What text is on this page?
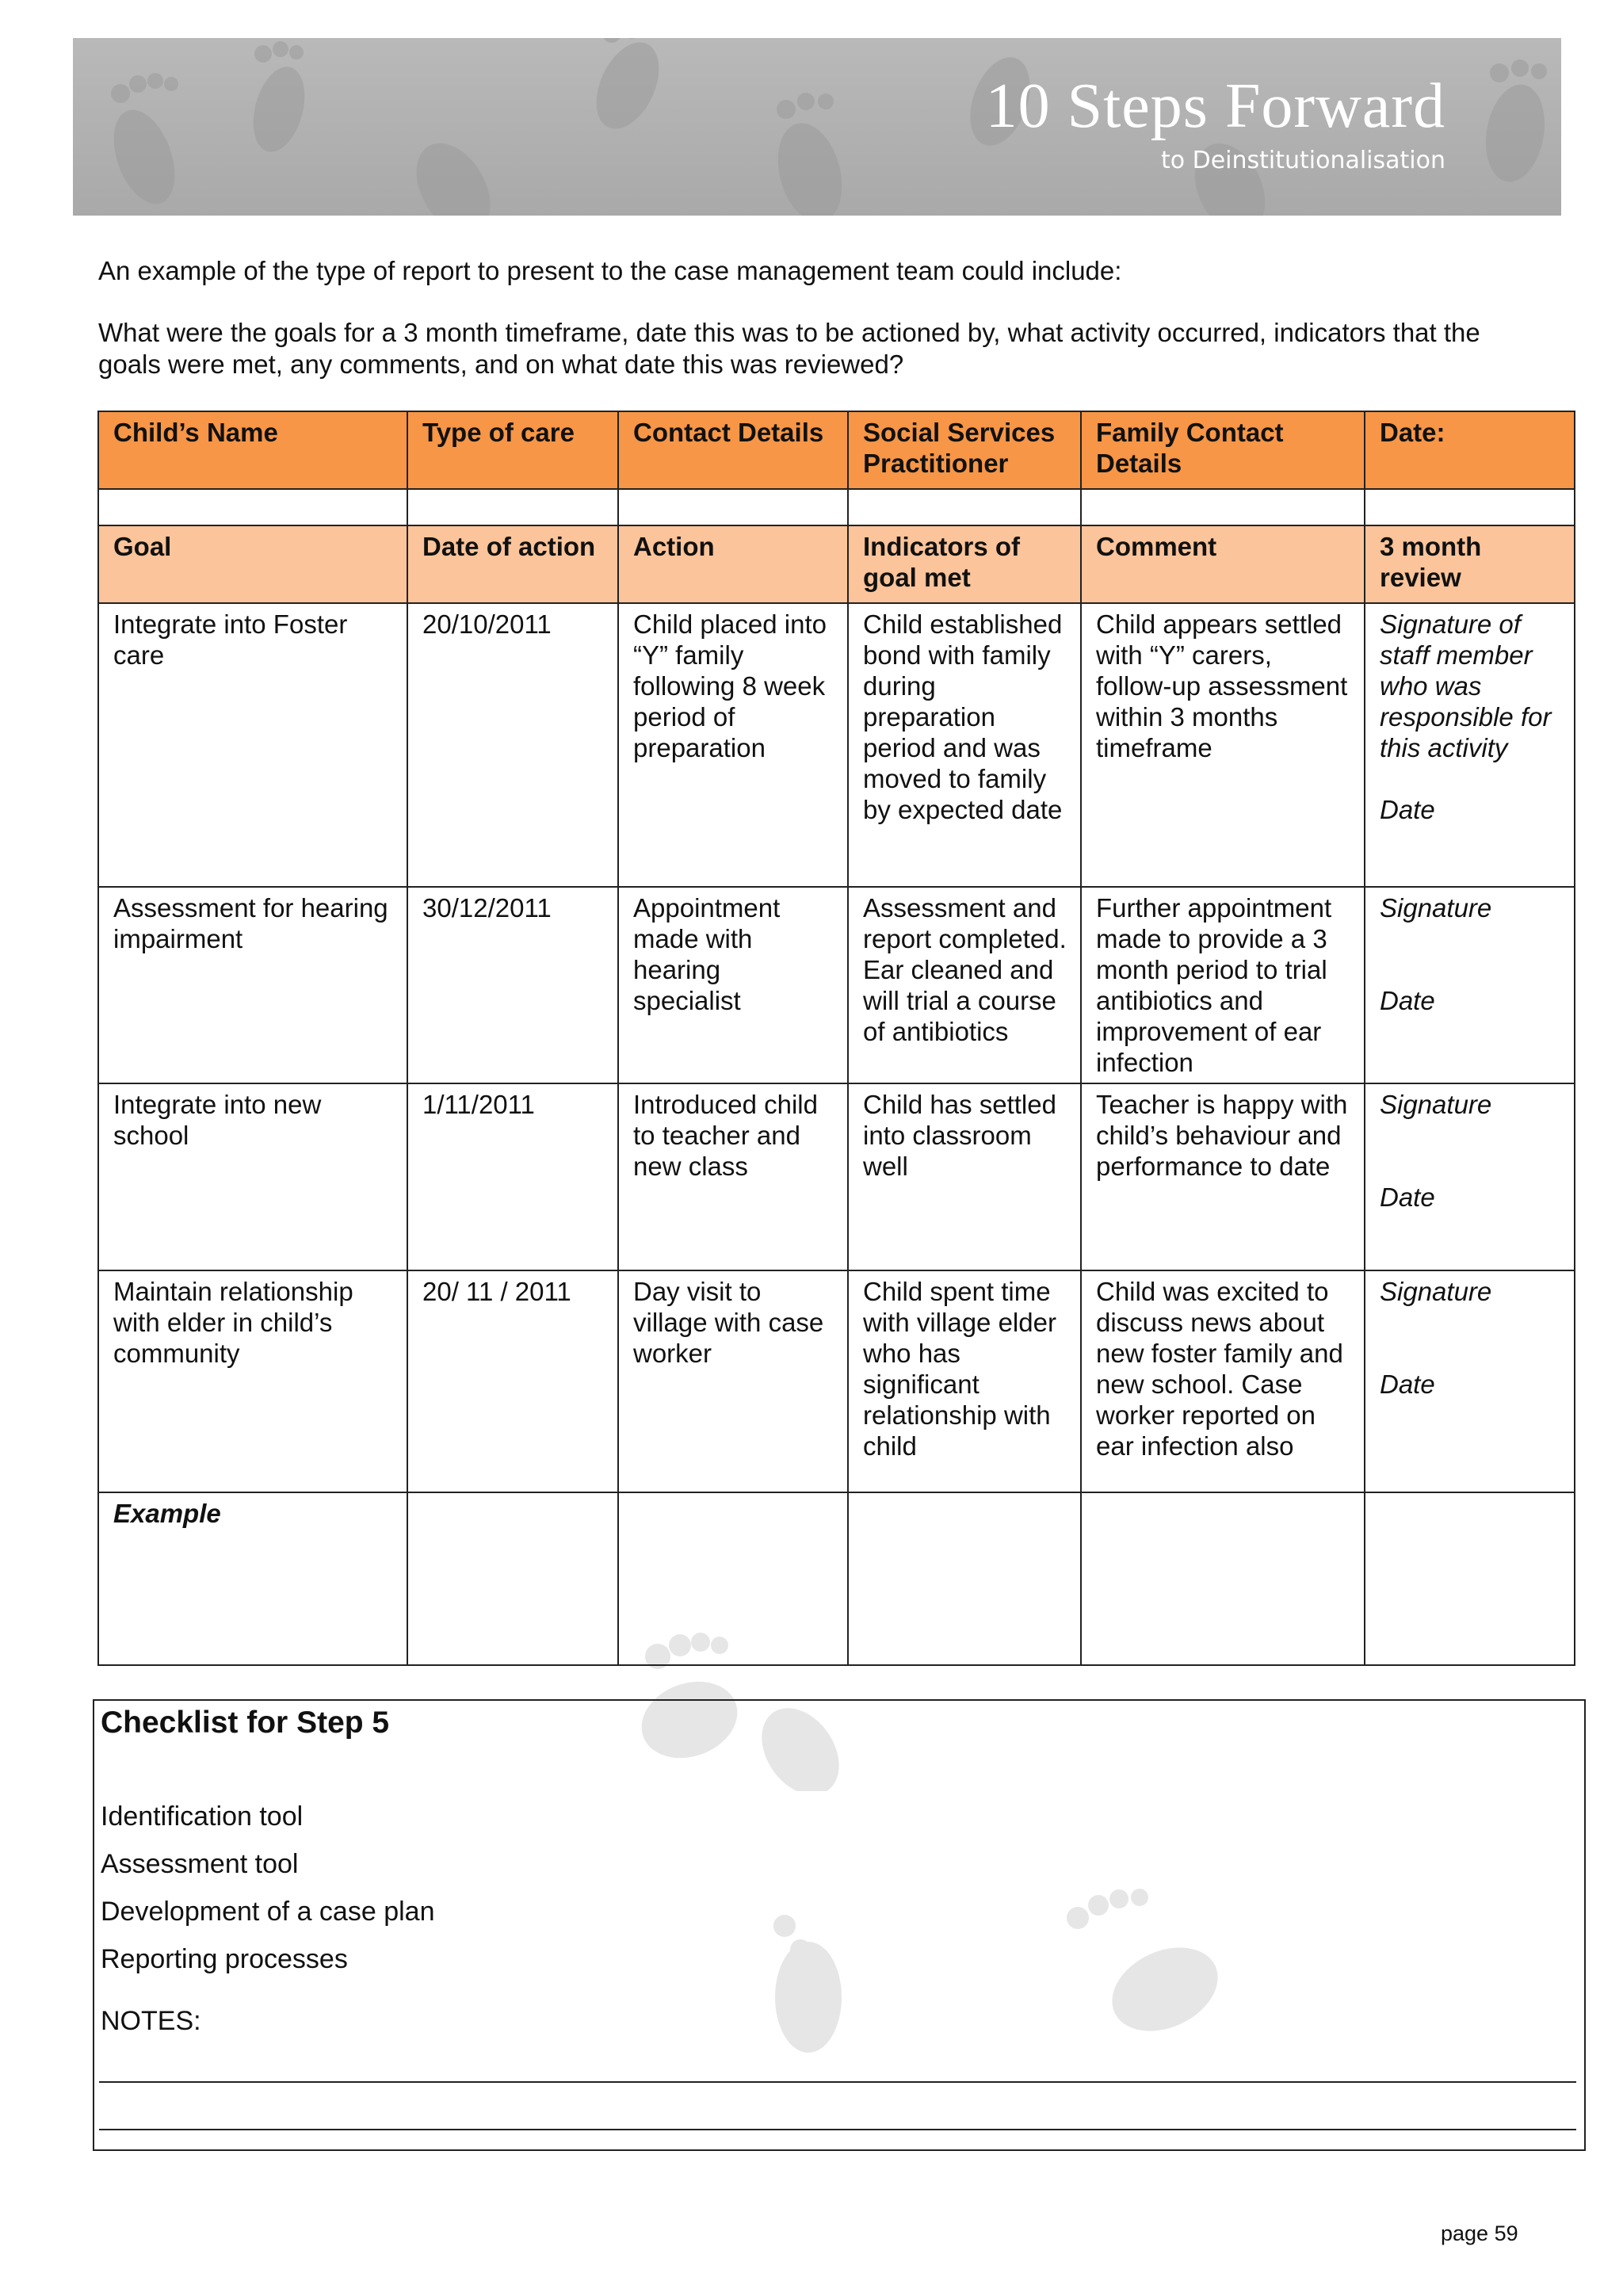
10 Steps Forward
to Deinstitutionalisation
An example of the type of report to present to the case management team could include:
What were the goals for a 3 month timeframe, date this was to be actioned by, what activity occurred, indicators that the goals were met, any comments, and on what date this was reviewed?
Child’s Name	Type of care	Contact Details	Social Services Practitioner	Family Contact Details	Date:

Goal	Date of action	Action	Indicators of goal met	Comment	3 month review
Integrate into Foster care	20/10/2011	Child placed into “Y” family following 8 week period of preparation	Child established bond with family during preparation period and was moved to family by expected date	Child appears settled with “Y” carers, follow-up assessment within 3 months timeframe	Signature of staff member who was responsible for this activity
Date

Assessment for hearing impairment	30/12/2011	Appointment made with hearing specialist	Assessment and report completed. Ear cleaned and will trial a course of antibiotics	Further appointment made to provide a 3 month period to trial antibiotics and improvement of ear infection	Signature
Date

Integrate into new school	1/11/2011	Introduced child to teacher and new class	Child has settled into classroom well	Teacher is happy with child’s behaviour and performance to date	Signature
Date

Maintain relationship with elder in child’s community	20/ 11 / 2011	Day visit to village with case worker	Child spent time with village elder who has significant relationship with child	Child was excited to discuss news about new foster family and new school. Case worker reported on ear infection also	Signature
Date

Example					
Checklist for Step 5
Identification tool
Assessment tool
Development of a case plan
Reporting processes
NOTES:
page 59
